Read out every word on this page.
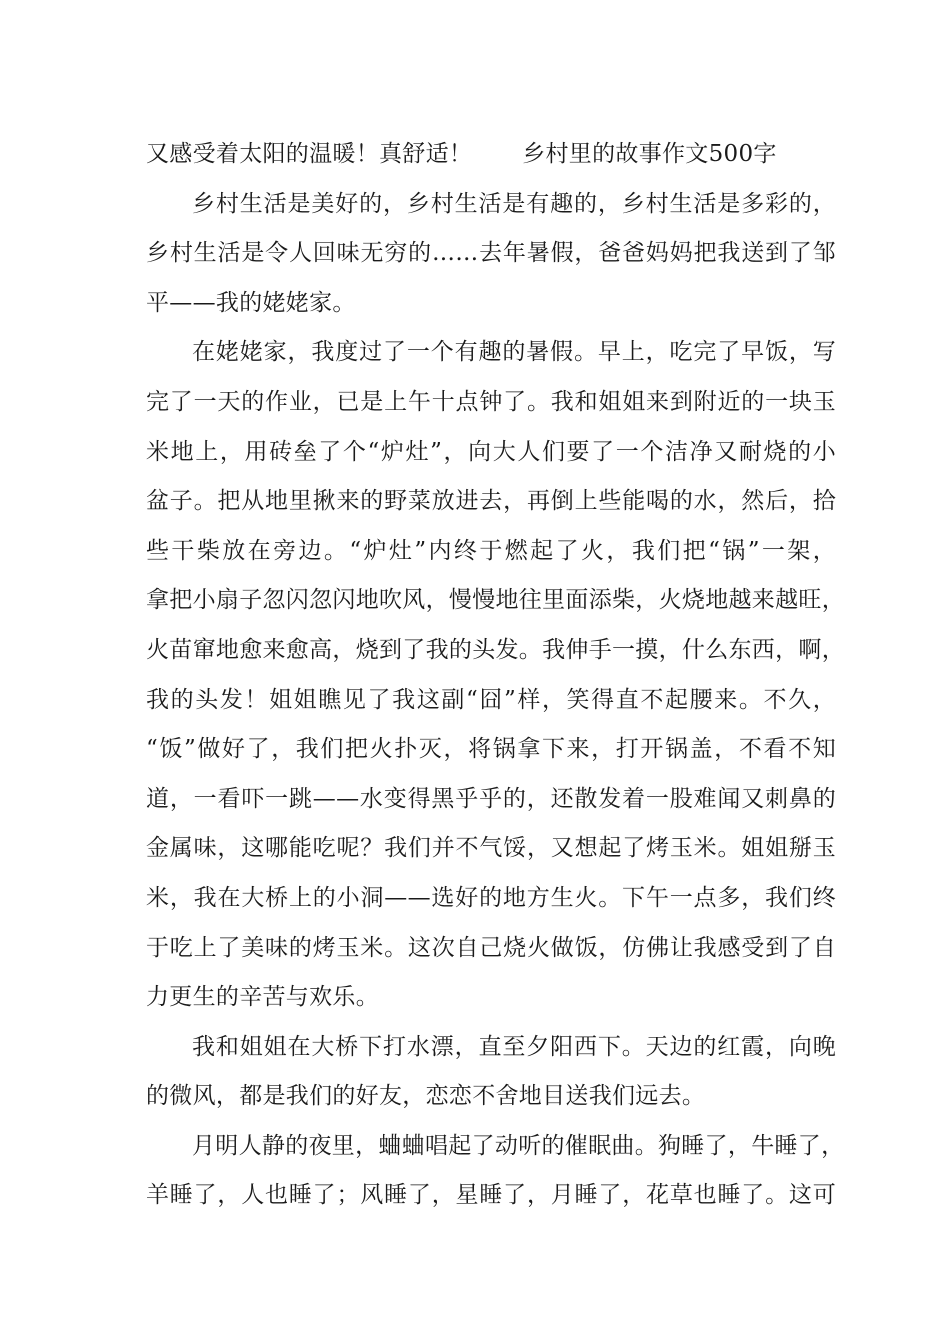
又感受着太阳的温暖！真舒适！ 乡村里的故事作文500字
乡村生活是美好的，乡村生活是有趣的，乡村生活是多彩的，
乡村生活是令人回味无穷的……去年暑假，爸爸妈妈把我送到了邹
平——我的姥姥家。
在姥姥家，我度过了一个有趣的暑假。早上，吃完了早饭，写
完了一天的作业，已是上午十点钟了。我和姐姐来到附近的一块玉
米地上，用砖垒了个“炉灶”，向大人们要了一个洁净又耐烧的小
盆子。把从地里揪来的野菜放进去，再倒上些能喝的水，然后，拾
些干柴放在旁边。“炉灶”内终于燃起了火，我们把“锅”一架，
拿把小扇子忽闪忽闪地吹风，慢慢地往里面添柴，火烧地越来越旺，
火苗窜地愈来愈高，烧到了我的头发。我伸手一摸，什么东西，啊，
我的头发！姐姐瞧见了我这副“囧”样，笑得直不起腰来。不久，
“饭”做好了，我们把火扑灭，将锅拿下来，打开锅盖，不看不知
道，一看吓一跳——水变得黑乎乎的，还散发着一股难闻又刺鼻的
金属味，这哪能吃呢？我们并不气馁，又想起了烤玉米。姐姐掰玉
米，我在大桥上的小洞——选好的地方生火。下午一点多，我们终
于吃上了美味的烤玉米。这次自己烧火做饭，仿佛让我感受到了自
力更生的辛苦与欢乐。
我和姐姐在大桥下打水漂，直至夕阳西下。天边的红霞，向晚
的微风，都是我们的好友，恋恋不舍地目送我们远去。
月明人静的夜里，蛐蛐唱起了动听的催眠曲。狗睡了，牛睡了，
羊睡了，人也睡了；风睡了，星睡了，月睡了，花草也睡了。这可
